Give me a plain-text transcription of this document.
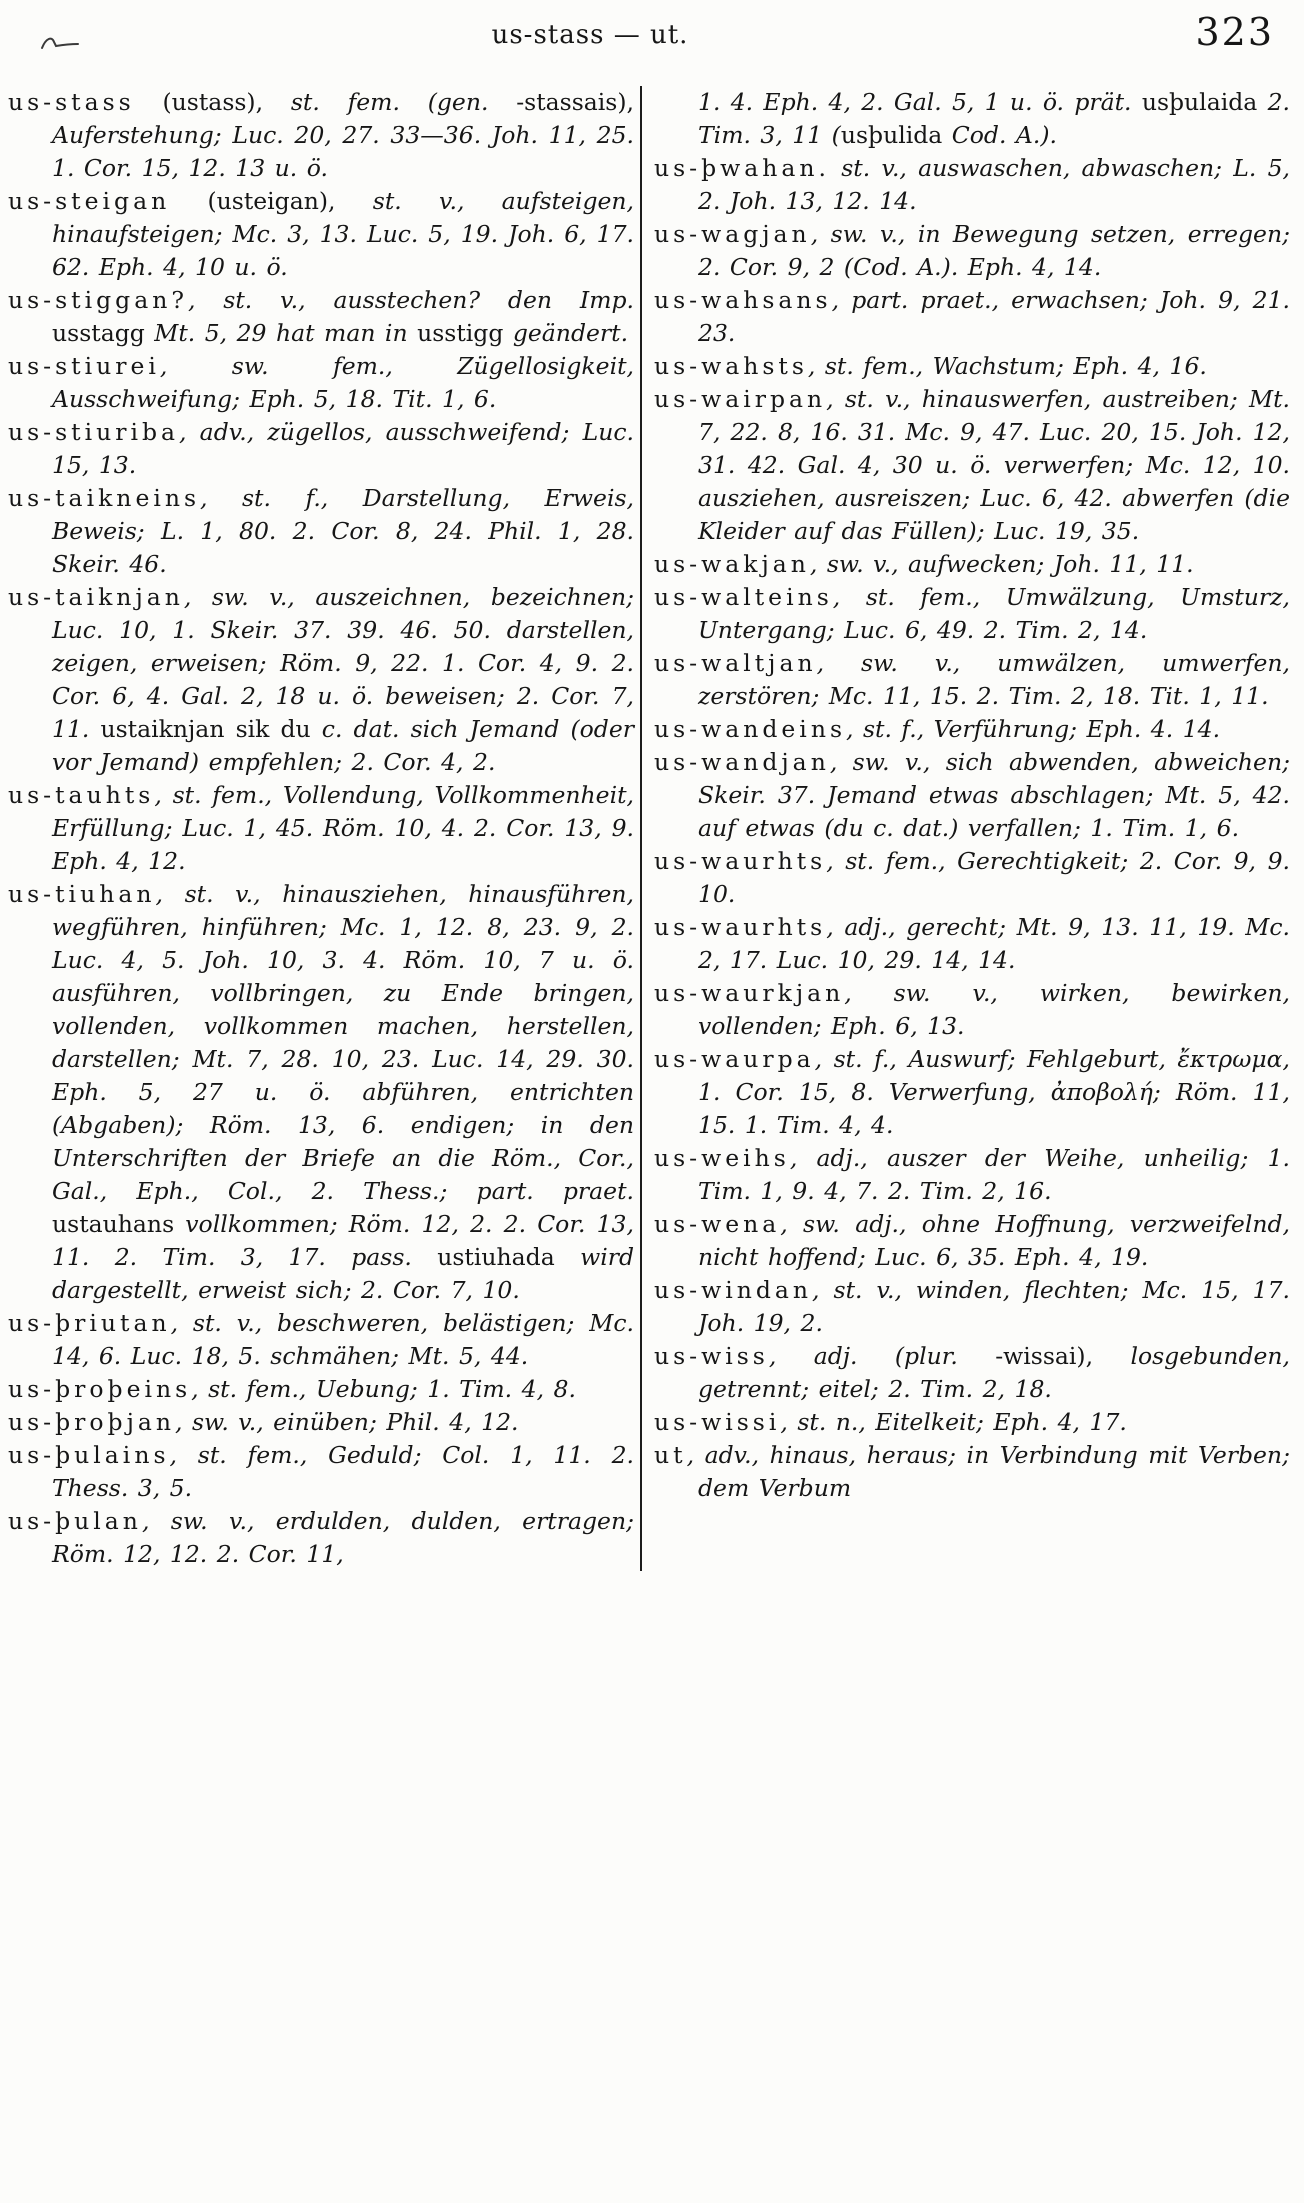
us-stass — ut.	323

us-stass (ustass), st. fem. (gen. -stassais), Auferstehung; Luc. 20, 27. 33—36. Joh. 11, 25. 1. Cor. 15, 12. 13 u. ö.

us-steigan (usteigan), st. v., aufsteigen, hinaufsteigen; Mc. 3, 13. Luc. 5, 19. Joh. 6, 17. 62. Eph. 4, 10 u. ö.

us-stiggan?, st. v., ausstechen? den Imp. usstagg Mt. 5, 29 hat man in usstigg geändert.

us-stiurei, sw. fem., Zügellosigkeit, Ausschweifung; Eph. 5, 18. Tit. 1, 6.

us-stiuriba, adv., zügellos, ausschweifend; Luc. 15, 13.

us-taikneins, st. f., Darstellung, Erweis, Beweis; L. 1, 80. 2. Cor. 8, 24. Phil. 1, 28. Skeir. 46.

us-taiknjan, sw. v., auszeichnen, bezeichnen; Luc. 10, 1. Skeir. 37. 39. 46. 50. darstellen, zeigen, erweisen; Röm. 9, 22. 1. Cor. 4, 9. 2. Cor. 6, 4. Gal. 2, 18 u. ö. beweisen; 2. Cor. 7, 11. ustaiknjan sik du c. dat. sich Jemand (oder vor Jemand) empfehlen; 2. Cor. 4, 2.

us-tauhts, st. fem., Vollendung, Vollkommenheit, Erfüllung; Luc. 1, 45. Röm. 10, 4. 2. Cor. 13, 9. Eph. 4, 12.

us-tiuhan, st. v., hinausziehen, hinausführen, wegführen, hinführen; Mc. 1, 12. 8, 23. 9, 2. Luc. 4, 5. Joh. 10, 3. 4. Röm. 10, 7 u. ö. ausführen, vollbringen, zu Ende bringen, vollenden, vollkommen machen, herstellen, darstellen; Mt. 7, 28. 10, 23. Luc. 14, 29. 30. Eph. 5, 27 u. ö. abführen, entrichten (Abgaben); Röm. 13, 6. endigen; in den Unterschriften der Briefe an die Röm., Cor., Gal., Eph., Col., 2. Thess.; part. praet. ustauhans vollkommen; Röm. 12, 2. 2. Cor. 13, 11. 2. Tim. 3, 17. pass. ustiuhada wird dargestellt, erweist sich; 2. Cor. 7, 10.

us-þriutan, st. v., beschweren, belästigen; Mc. 14, 6. Luc. 18, 5. schmähen; Mt. 5, 44.

us-þroþeins, st. fem., Uebung; 1. Tim. 4, 8.

us-þroþjan, sw. v., einüben; Phil. 4, 12.

us-þulains, st. fem., Geduld; Col. 1, 11. 2. Thess. 3, 5.

us-þulan, sw. v., erdulden, dulden, ertragen; Röm. 12, 12. 2. Cor. 11,

1. 4. Eph. 4, 2. Gal. 5, 1 u. ö. prät. usþulaida 2. Tim. 3, 11 (usþulida Cod. A.).

us-þwahan. st. v., auswaschen, abwaschen; L. 5, 2. Joh. 13, 12. 14.

us-wagjan, sw. v., in Bewegung setzen, erregen; 2. Cor. 9, 2 (Cod. A.). Eph. 4, 14.

us-wahsans, part. praet., erwachsen; Joh. 9, 21. 23.

us-wahsts, st. fem., Wachstum; Eph. 4, 16.

us-wairpan, st. v., hinauswerfen, austreiben; Mt. 7, 22. 8, 16. 31. Mc. 9, 47. Luc. 20, 15. Joh. 12, 31. 42. Gal. 4, 30 u. ö. verwerfen; Mc. 12, 10. ausziehen, ausreiszen; Luc. 6, 42. abwerfen (die Kleider auf das Füllen); Luc. 19, 35.

us-wakjan, sw. v., aufwecken; Joh. 11, 11.

us-walteins, st. fem., Umwälzung, Umsturz, Untergang; Luc. 6, 49. 2. Tim. 2, 14.

us-waltjan, sw. v., umwälzen, umwerfen, zerstören; Mc. 11, 15. 2. Tim. 2, 18. Tit. 1, 11.

us-wandeins, st. f., Verführung; Eph. 4. 14.

us-wandjan, sw. v., sich abwenden, abweichen; Skeir. 37. Jemand etwas abschlagen; Mt. 5, 42. auf etwas (du c. dat.) verfallen; 1. Tim. 1, 6.

us-waurhts, st. fem., Gerechtigkeit; 2. Cor. 9, 9. 10.

us-waurhts, adj., gerecht; Mt. 9, 13. 11, 19. Mc. 2, 17. Luc. 10, 29. 14, 14.

us-waurkjan, sw. v., wirken, bewirken, vollenden; Eph. 6, 13.

us-waurpa, st. f., Auswurf; Fehlgeburt, ἔκτρωμα, 1. Cor. 15, 8. Verwerfung, ἀποβολή; Röm. 11, 15. 1. Tim. 4, 4.

us-weihs, adj., auszer der Weihe, unheilig; 1. Tim. 1, 9. 4, 7. 2. Tim. 2, 16.

us-wena, sw. adj., ohne Hoffnung, verzweifelnd, nicht hoffend; Luc. 6, 35. Eph. 4, 19.

us-windan, st. v., winden, flechten; Mc. 15, 17. Joh. 19, 2.

us-wiss, adj. (plur. -wissai), losgebunden, getrennt; eitel; 2. Tim. 2, 18.

us-wissi, st. n., Eitelkeit; Eph. 4, 17.

ut, adv., hinaus, heraus; in Verbindung mit Verben; dem Verbum
